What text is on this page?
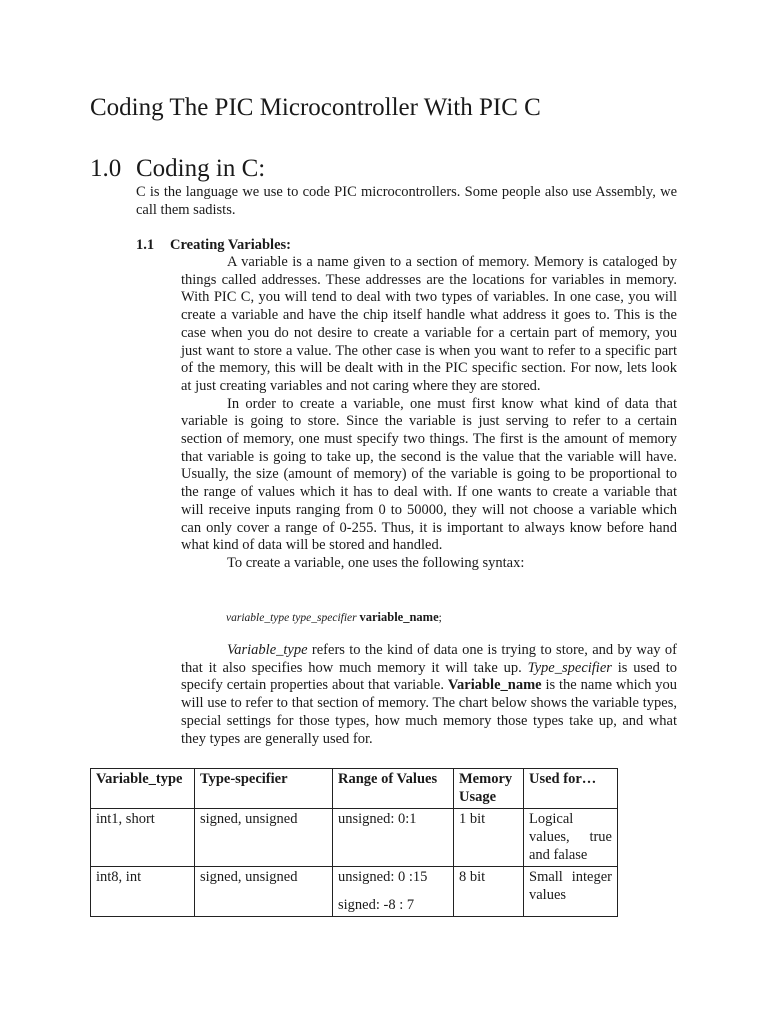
Coding The PIC Microcontroller With PIC C
1.0 Coding in C:

C is the language we use to code PIC microcontrollers. Some people also use Assembly, we call them sadists.

1.1 Creating Variables:

A variable is a name given to a section of memory. Memory is cataloged by things called addresses. These addresses are the locations for variables in memory. With PIC C, you will tend to deal with two types of variables. In one case, you will create a variable and have the chip itself handle what address it goes to. This is the case when you do not desire to create a variable for a certain part of memory, you just want to store a value. The other case is when you want to refer to a specific part of the memory, this will be dealt with in the PIC specific section. For now, lets look at just creating variables and not caring where they are stored.

In order to create a variable, one must first know what kind of data that variable is going to store. Since the variable is just serving to refer to a certain section of memory, one must specify two things. The first is the amount of memory that variable is going to take up, the second is the value that the variable will have. Usually, the size (amount of memory) of the variable is going to be proportional to the range of values which it has to deal with. If one wants to create a variable that will receive inputs ranging from 0 to 50000, they will not choose a variable which can only cover a range of 0-255. Thus, it is important to always know before hand what kind of data will be stored and handled.

To create a variable, one uses the following syntax:

variable_type type_specifier variable_name;

Variable_type refers to the kind of data one is trying to store, and by way of that it also specifies how much memory it will take up. Type_specifier is used to specify certain properties about that variable. Variable_name is the name which you will use to refer to that section of memory. The chart below shows the variable types, special settings for those types, how much memory those types take up, and what they types are generally used for.

Variable_type	Type-specifier	Range of Values	Memory Usage	Used for…
int1, short	signed, unsigned	unsigned: 0:1	1 bit	Logical values, true and falase
int8, int	signed, unsigned	unsigned: 0 :15
signed: -8 : 7	8 bit	Small integer values
